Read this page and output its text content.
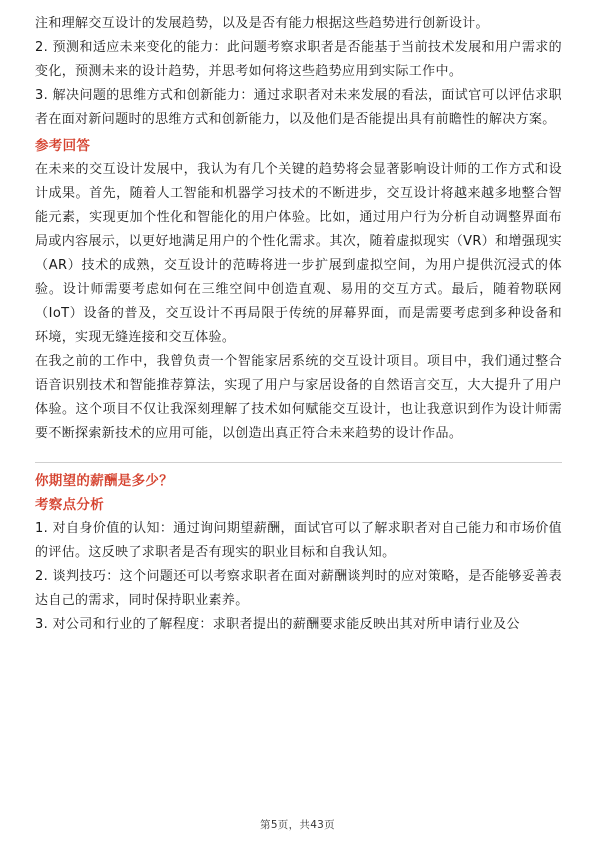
注和理解交互设计的发展趋势，以及是否有能力根据这些趋势进行创新设计。

2. 预测和适应未来变化的能力：此问题考察求职者是否能基于当前技术发展和用户需求的变化，预测未来的设计趋势，并思考如何将这些趋势应用到实际工作中。

3. 解决问题的思维方式和创新能力：通过求职者对未来发展的看法，面试官可以评估求职者在面对新问题时的思维方式和创新能力，以及他们是否能提出具有前瞻性的解决方案。

参考回答

在未来的交互设计发展中，我认为有几个关键的趋势将会显著影响设计师的工作方式和设计成果。首先，随着人工智能和机器学习技术的不断进步，交互设计将越来越多地整合智能元素，实现更加个性化和智能化的用户体验。比如，通过用户行为分析自动调整界面布局或内容展示，以更好地满足用户的个性化需求。其次，随着虚拟现实（VR）和增强现实（AR）技术的成熟，交互设计的范畴将进一步扩展到虚拟空间，为用户提供沉浸式的体验。设计师需要考虑如何在三维空间中创造直观、易用的交互方式。最后，随着物联网（IoT）设备的普及，交互设计不再局限于传统的屏幕界面，而是需要考虑到多种设备和环境，实现无缝连接和交互体验。

在我之前的工作中，我曾负责一个智能家居系统的交互设计项目。项目中，我们通过整合语音识别技术和智能推荐算法，实现了用户与家居设备的自然语言交互，大大提升了用户体验。这个项目不仅让我深刻理解了技术如何赋能交互设计，也让我意识到作为设计师需要不断探索新技术的应用可能，以创造出真正符合未来趋势的设计作品。

你期望的薪酬是多少？
考察点分析

1. 对自身价值的认知：通过询问期望薪酬，面试官可以了解求职者对自己能力和市场价值的评估。这反映了求职者是否有现实的职业目标和自我认知。

2. 谈判技巧：这个问题还可以考察求职者在面对薪酬谈判时的应对策略，是否能够妥善表达自己的需求，同时保持职业素养。

3. 对公司和行业的了解程度：求职者提出的薪酬要求能反映出其对所申请行业及公

第5页，共43页
